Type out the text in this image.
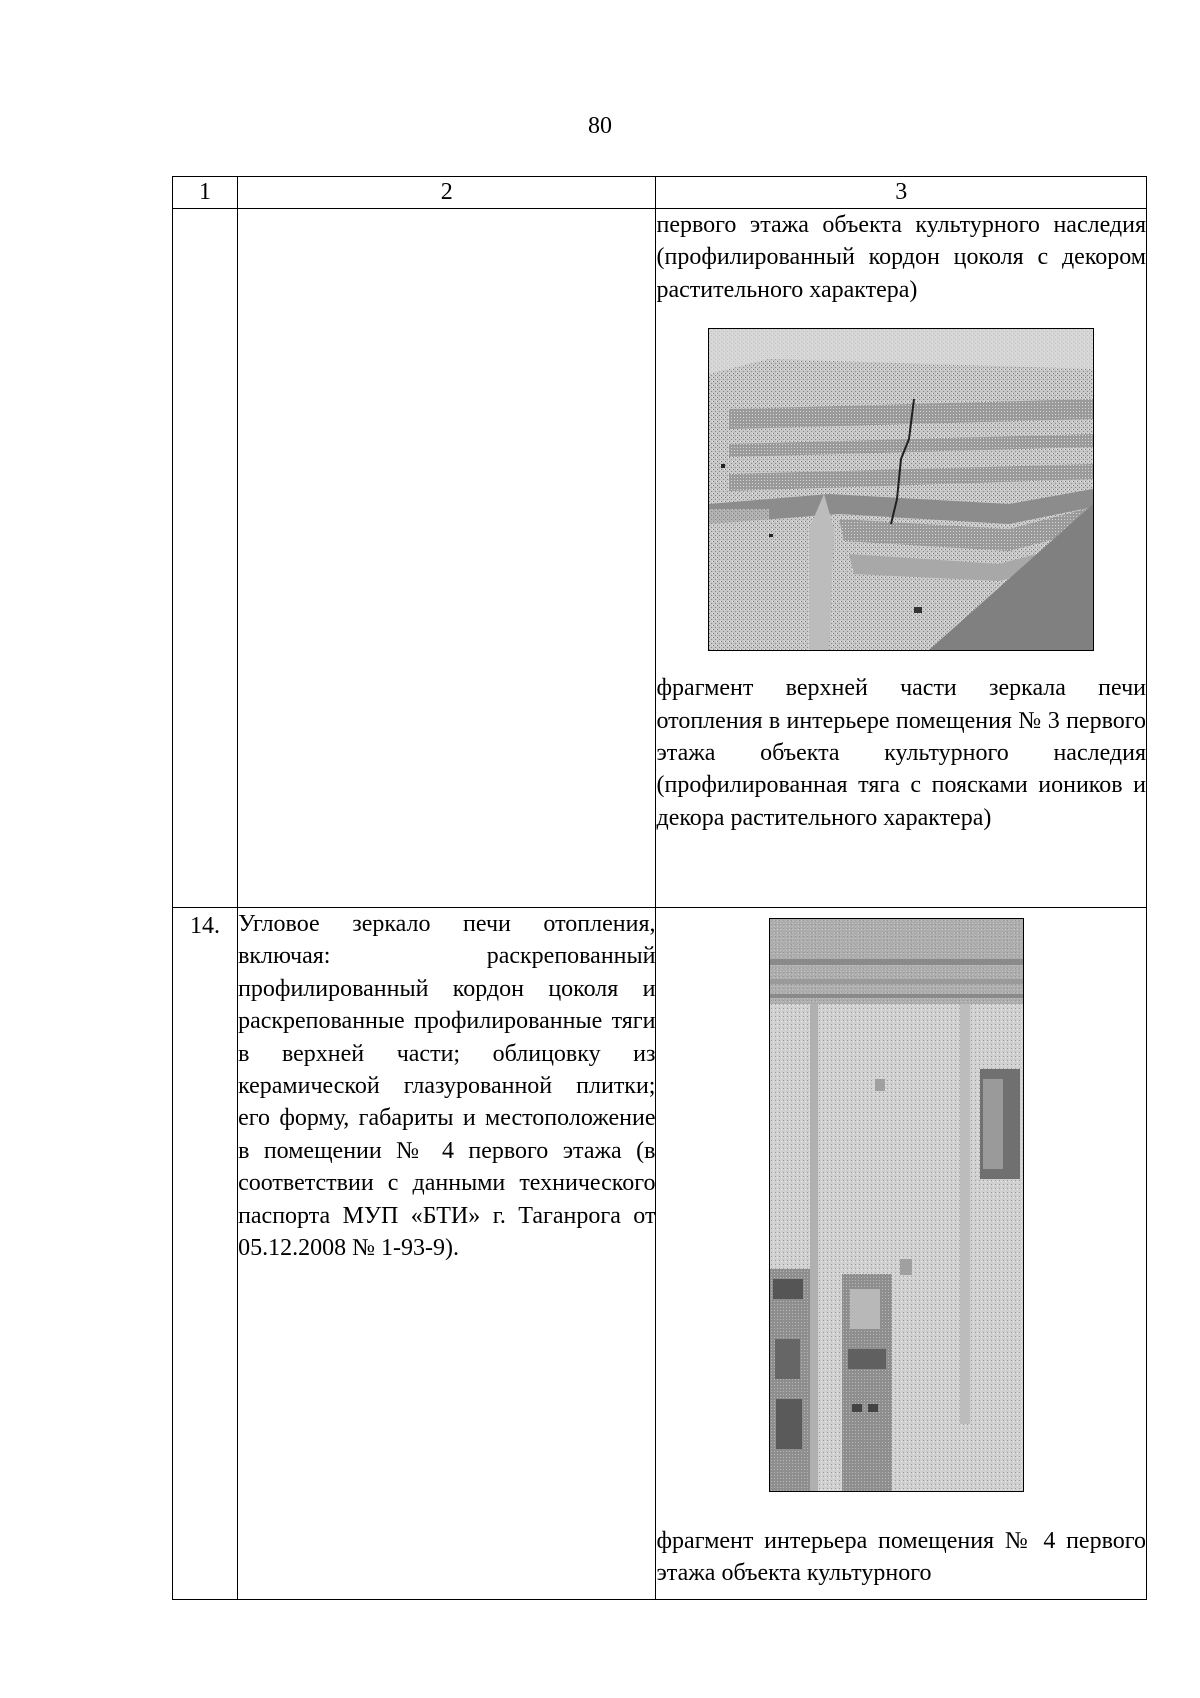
80
1	2	3

		первого этажа объекта культурного наследия (профилированный кордон цоколя с декором растительного характера)
фрагмент верхней части зеркала печи отопления в интерьере помещения № 3 первого этажа объекта культурного наследия (профилированная тяга с поясками иоников и декора растительного характера)

14.	Угловое зеркало печи отопления, включая: раскрепованный профилированный кордон цоколя и раскрепованные профилированные тяги в верхней части; облицовку из керамической глазурованной плитки; его форму, габариты и местоположение в помещении № 4 первого этажа (в соответствии с данными технического паспорта МУП «БТИ» г. Таганрога от 05.12.2008 № 1-93-9).	фрагмент интерьера помещения № 4 первого этажа объекта культурного
